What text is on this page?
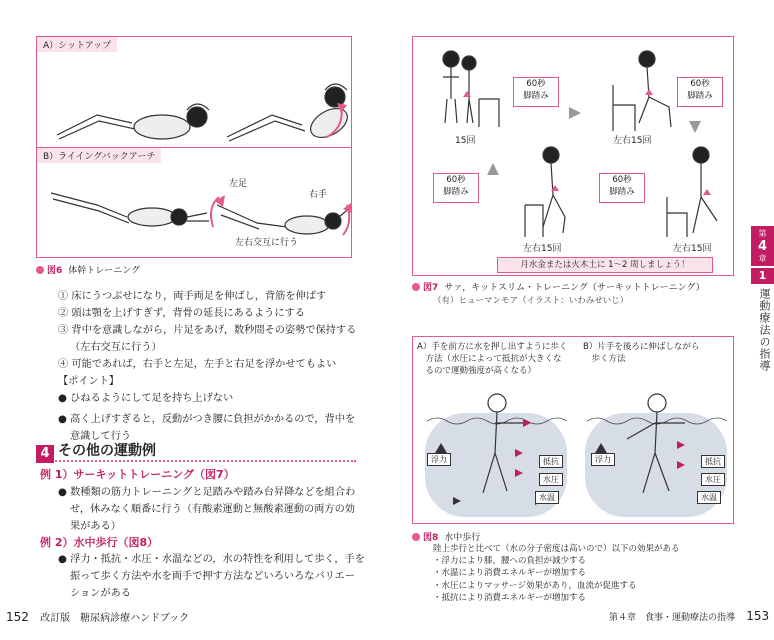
A）シットアップ
B）ライイングバックアーチ
左足
右手
左右交互に行う
図6 体幹トレーニング
① 床にうつぶせになり，両手両足を伸ばし，背筋を伸ばす
② 頭は顎を上げすぎず，背骨の延長にあるようにする
③ 背中を意識しながら，片足をあげ，数秒間その姿勢で保持する
（左右交互に行う）
④ 可能であれば，右手と左足，左手と右足を浮かせてもよい
【ポイント】
● ひねるようにして足を持ち上げない
● 高く上げすぎると，反動がつき腰に負担がかかるので，背中を
意識して行う
4 その他の運動例
例 1）サーキットトレーニング（図7）
● 数種類の筋力トレーニングと足踏みや踏み台昇降などを組合わ
せ，休みなく順番に行う（有酸素運動と無酸素運動の両方の効
果がある）
例 2）水中歩行（図8）
● 浮力・抵抗・水圧・水温などの，水の特性を利用して歩く，手を
振って歩く方法や水を両手で押す方法などいろいろなバリエー
ションがある
152 改訂版　糖尿病診療ハンドブック
60秒
脚踏み
60秒
脚踏み
60秒
脚踏み
60秒
脚踏み
15回	左右15回
左右15回	左右15回
月水金または火木土に 1～2 周しましょう！
図7 サァ，キットスリム・トレーニング（サーキットトレーニング）
（有）ヒューマンモア（イラスト：いわみせいじ）
A）手を前方に水を押し出すように歩く
　方法（水圧によって抵抗が大きくな
　るので運動強度が高くなる）
B）片手を後ろに伸ばしながら
　歩く方法
浮力	抵抗
水圧
水温
浮力	抵抗
水圧
水温
図8 水中歩行
陸上歩行と比べて（水の分子密度は高いので）以下の効果がある
・浮力により膝，腰への負担が減少する
・水温により消費エネルギーが増加する
・水圧によりマッサージ効果があり，血流が促進する
・抵抗により消費エネルギーが増加する
第４章　食事・運動療法の指導 153
第
4
章
1
運動療法の指導
